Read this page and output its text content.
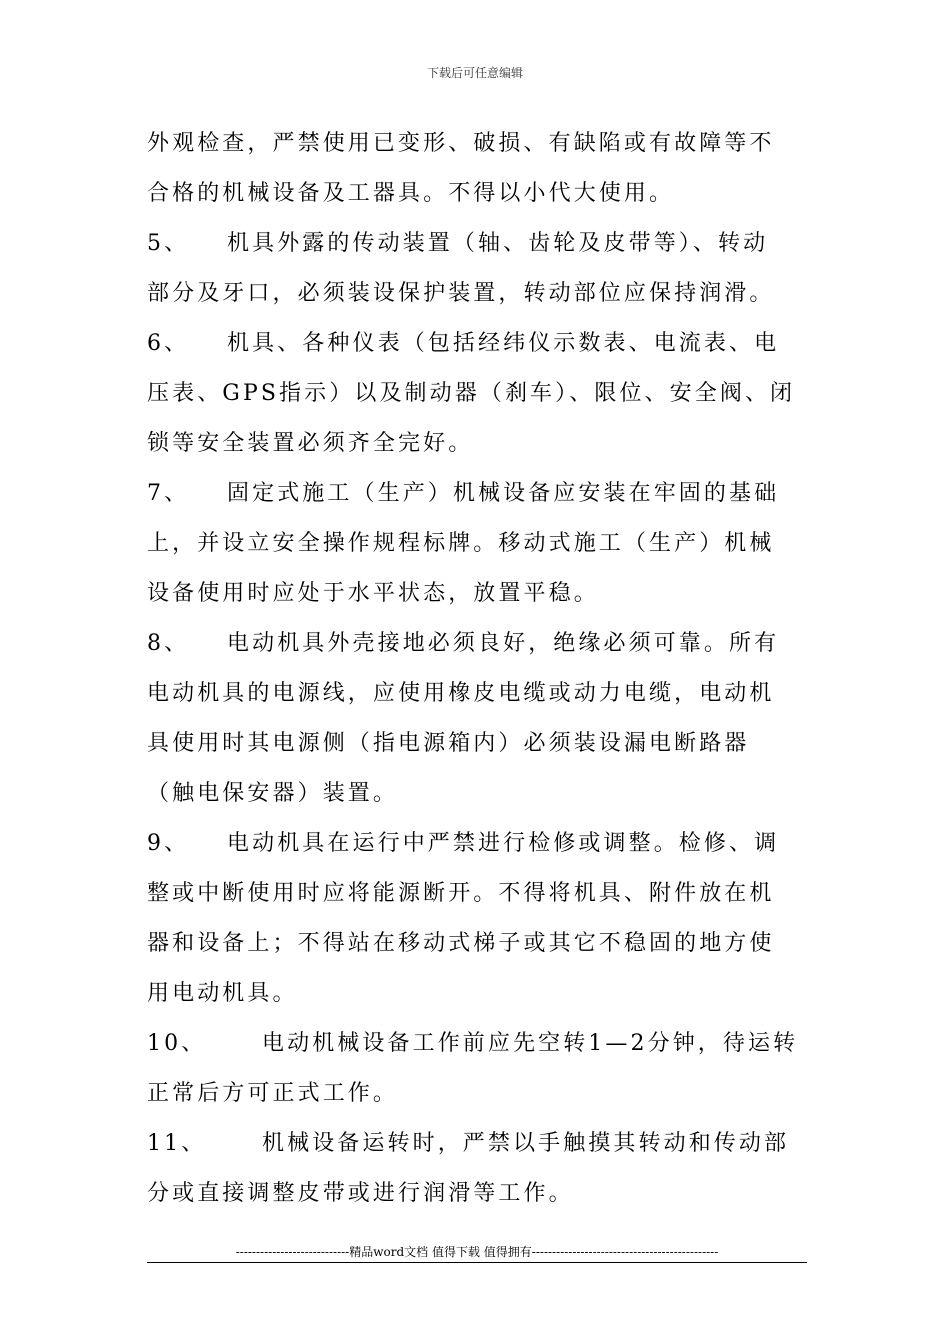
下载后可任意编辑
外观检查，严禁使用已变形、破损、有缺陷或有故障等不
合格的机械设备及工器具。不得以小代大使用。
5、	机具外露的传动装置（轴、齿轮及皮带等）、转动
部分及牙口，必须装设保护装置，转动部位应保持润滑。
6、	机具、各种仪表（包括经纬仪示数表、电流表、电
压表、GPS指示）以及制动器（刹车）、限位、安全阀、闭
锁等安全装置必须齐全完好。
7、	固定式施工（生产）机械设备应安装在牢固的基础
上，并设立安全操作规程标牌。移动式施工（生产）机械
设备使用时应处于水平状态，放置平稳。
8、	电动机具外壳接地必须良好，绝缘必须可靠。所有
电动机具的电源线，应使用橡皮电缆或动力电缆，电动机
具使用时其电源侧（指电源箱内）必须装设漏电断路器
（触电保安器）装置。
9、	电动机具在运行中严禁进行检修或调整。检修、调
整或中断使用时应将能源断开。不得将机具、附件放在机
器和设备上；不得站在移动式梯子或其它不稳固的地方使
用电动机具。
10、	电动机械设备工作前应先空转1—2分钟，待运转
正常后方可正式工作。
11、	机械设备运转时，严禁以手触摸其转动和传动部
分或直接调整皮带或进行润滑等工作。
----------------------------精品word文档 值得下载 值得拥有----------------------------------------------
